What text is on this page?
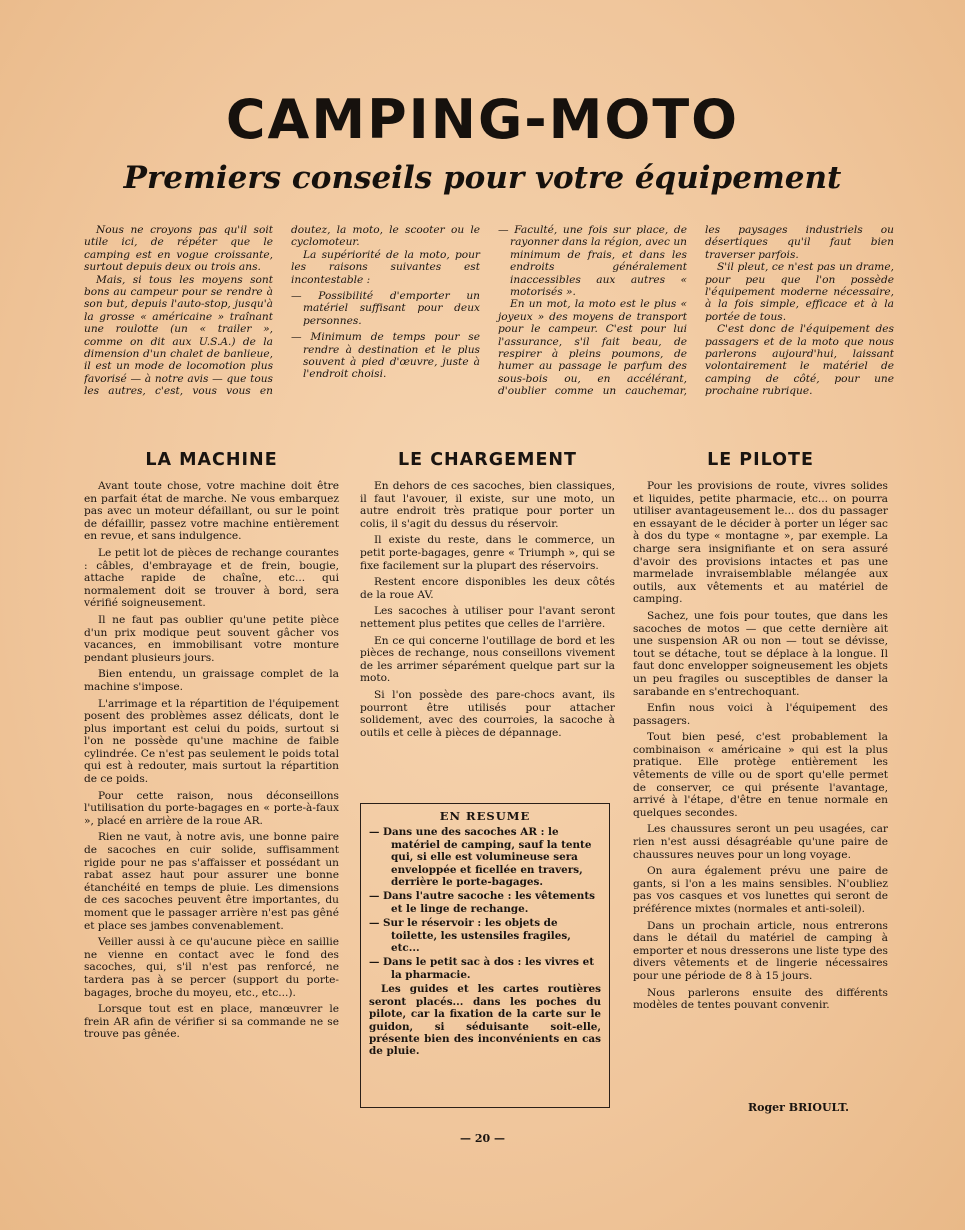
CAMPING-MOTO
Premiers conseils pour votre équipement

Nous ne croyons pas qu'il soit utile ici, de répéter que le camping est en vogue croissante, surtout depuis deux ou trois ans.

Mais, si tous les moyens sont bons au campeur pour se rendre à son but, depuis l'auto-stop, jusqu'à la grosse « américaine » traînant une roulotte (un « trailer », comme on dit aux U.S.A.) de la dimension d'un chalet de banlieue, il est un mode de locomotion plus favorisé — à notre avis — que tous les autres, c'est, vous vous en doutez, la moto, le scooter ou le cyclomoteur.

La supériorité de la moto, pour les raisons suivantes est incontestable :

— Possibilité d'emporter un matériel suffisant pour deux personnes.

— Minimum de temps pour se rendre à destination et le plus souvent à pied d'œuvre, juste à l'endroit choisi.

— Faculté, une fois sur place, de rayonner dans la région, avec un minimum de frais, et dans les endroits généralement inaccessibles aux autres « motorisés ».

En un mot, la moto est le plus « joyeux » des moyens de transport pour le campeur. C'est pour lui l'assurance, s'il fait beau, de respirer à pleins poumons, de humer au passage le parfum des sous-bois ou, en accélérant, d'oublier comme un cauchemar, les paysages industriels ou désertiques qu'il faut bien traverser parfois.

S'il pleut, ce n'est pas un drame, pour peu que l'on possède l'équipement moderne nécessaire, à la fois simple, efficace et à la portée de tous.

C'est donc de l'équipement des passagers et de la moto que nous parlerons aujourd'hui, laissant volontairement le matériel de camping de côté, pour une prochaine rubrique.

LA MACHINE	LE CHARGEMENT	LE PILOTE

Avant toute chose, votre machine doit être en parfait état de marche. Ne vous embarquez pas avec un moteur défaillant, ou sur le point de défaillir, passez votre machine entièrement en revue, et sans indulgence.

Le petit lot de pièces de rechange courantes : câbles, d'embrayage et de frein, bougie, attache rapide de chaîne, etc... qui normalement doit se trouver à bord, sera vérifié soigneusement.

Il ne faut pas oublier qu'une petite pièce d'un prix modique peut souvent gâcher vos vacances, en immobilisant votre monture pendant plusieurs jours.

Bien entendu, un graissage complet de la machine s'impose.

L'arrimage et la répartition de l'équipement posent des problèmes assez délicats, dont le plus important est celui du poids, surtout si l'on ne possède qu'une machine de faible cylindrée. Ce n'est pas seulement le poids total qui est à redouter, mais surtout la répartition de ce poids.

Pour cette raison, nous déconseillons l'utilisation du porte-bagages en « porte-à-faux », placé en arrière de la roue AR.

Rien ne vaut, à notre avis, une bonne paire de sacoches en cuir solide, suffisamment rigide pour ne pas s'affaisser et possédant un rabat assez haut pour assurer une bonne étanchéité en temps de pluie. Les dimensions de ces sacoches peuvent être importantes, du moment que le passager arrière n'est pas gêné et place ses jambes convenablement.

Veiller aussi à ce qu'aucune pièce en saillie ne vienne en contact avec le fond des sacoches, qui, s'il n'est pas renforcé, ne tardera pas à se percer (support du porte-bagages, broche du moyeu, etc., etc...).

Lorsque tout est en place, manœuvrer le frein AR afin de vérifier si sa commande ne se trouve pas gênée.

En dehors de ces sacoches, bien classiques, il faut l'avouer, il existe, sur une moto, un autre endroit très pratique pour porter un colis, il s'agit du dessus du réservoir.

Il existe du reste, dans le commerce, un petit porte-bagages, genre « Triumph », qui se fixe facilement sur la plupart des réservoirs.

Restent encore disponibles les deux côtés de la roue AV.

Les sacoches à utiliser pour l'avant seront nettement plus petites que celles de l'arrière.

En ce qui concerne l'outillage de bord et les pièces de rechange, nous conseillons vivement de les arrimer séparément quelque part sur la moto.

Si l'on possède des pare-chocs avant, ils pourront être utilisés pour attacher solidement, avec des courroies, la sacoche à outils et celle à pièces de dépannage.

EN RESUME
— Dans une des sacoches AR : le matériel de camping, sauf la tente qui, si elle est volumineuse sera enveloppée et ficellée en travers, derrière le porte-bagages.
— Dans l'autre sacoche : les vêtements et le linge de rechange.
— Sur le réservoir : les objets de toilette, les ustensiles fragiles, etc...
— Dans le petit sac à dos : les vivres et la pharmacie.
Les guides et les cartes routières seront placés... dans les poches du pilote, car la fixation de la carte sur le guidon, si séduisante soit-elle, présente bien des inconvénients en cas de pluie.

Pour les provisions de route, vivres solides et liquides, petite pharmacie, etc... on pourra utiliser avantageusement le... dos du passager en essayant de le décider à porter un léger sac à dos du type « montagne », par exemple. La charge sera insignifiante et on sera assuré d'avoir des provisions intactes et pas une marmelade invraisemblable mélangée aux outils, aux vêtements et au matériel de camping.

Sachez, une fois pour toutes, que dans les sacoches de motos — que cette dernière ait une suspension AR ou non — tout se dévisse, tout se détache, tout se déplace à la longue. Il faut donc envelopper soigneusement les objets un peu fragiles ou susceptibles de danser la sarabande en s'entrechoquant.

Enfin nous voici à l'équipement des passagers.

Tout bien pesé, c'est probablement la combinaison « américaine » qui est la plus pratique. Elle protège entièrement les vêtements de ville ou de sport qu'elle permet de conserver, ce qui présente l'avantage, arrivé à l'étape, d'être en tenue normale en quelques secondes.

Les chaussures seront un peu usagées, car rien n'est aussi désagréable qu'une paire de chaussures neuves pour un long voyage.

On aura également prévu une paire de gants, si l'on a les mains sensibles. N'oubliez pas vos casques et vos lunettes qui seront de préférence mixtes (normales et anti-soleil).

Dans un prochain article, nous entrerons dans le détail du matériel de camping à emporter et nous dresserons une liste type des divers vêtements et de lingerie nécessaires pour une période de 8 à 15 jours.

Nous parlerons ensuite des différents modèles de tentes pouvant convenir.

Roger BRIOULT.

— 20 —
